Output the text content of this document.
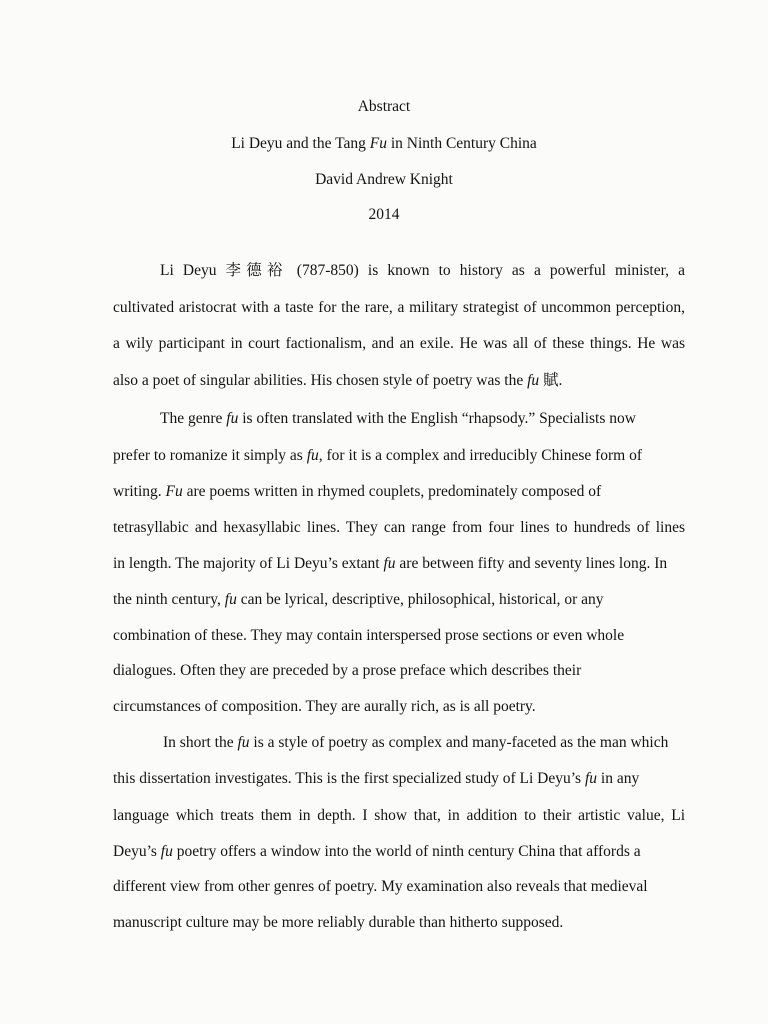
Abstract
Li Deyu and the Tang Fu in Ninth Century China
David Andrew Knight
2014
Li Deyu 李德裕 (787-850) is known to history as a powerful minister, a
cultivated aristocrat with a taste for the rare, a military strategist of uncommon perception,
a wily participant in court factionalism, and an exile. He was all of these things. He was
also a poet of singular abilities. His chosen style of poetry was the fu 賦.
The genre fu is often translated with the English “rhapsody.” Specialists now
prefer to romanize it simply as fu, for it is a complex and irreducibly Chinese form of
writing. Fu are poems written in rhymed couplets, predominately composed of
tetrasyllabic and hexasyllabic lines. They can range from four lines to hundreds of lines
in length. The majority of Li Deyu’s extant fu are between fifty and seventy lines long. In
the ninth century, fu can be lyrical, descriptive, philosophical, historical, or any
combination of these. They may contain interspersed prose sections or even whole
dialogues. Often they are preceded by a prose preface which describes their
circumstances of composition. They are aurally rich, as is all poetry.
In short the fu is a style of poetry as complex and many-faceted as the man which
this dissertation investigates. This is the first specialized study of Li Deyu’s fu in any
language which treats them in depth. I show that, in addition to their artistic value, Li
Deyu’s fu poetry offers a window into the world of ninth century China that affords a
different view from other genres of poetry. My examination also reveals that medieval
manuscript culture may be more reliably durable than hitherto supposed.
